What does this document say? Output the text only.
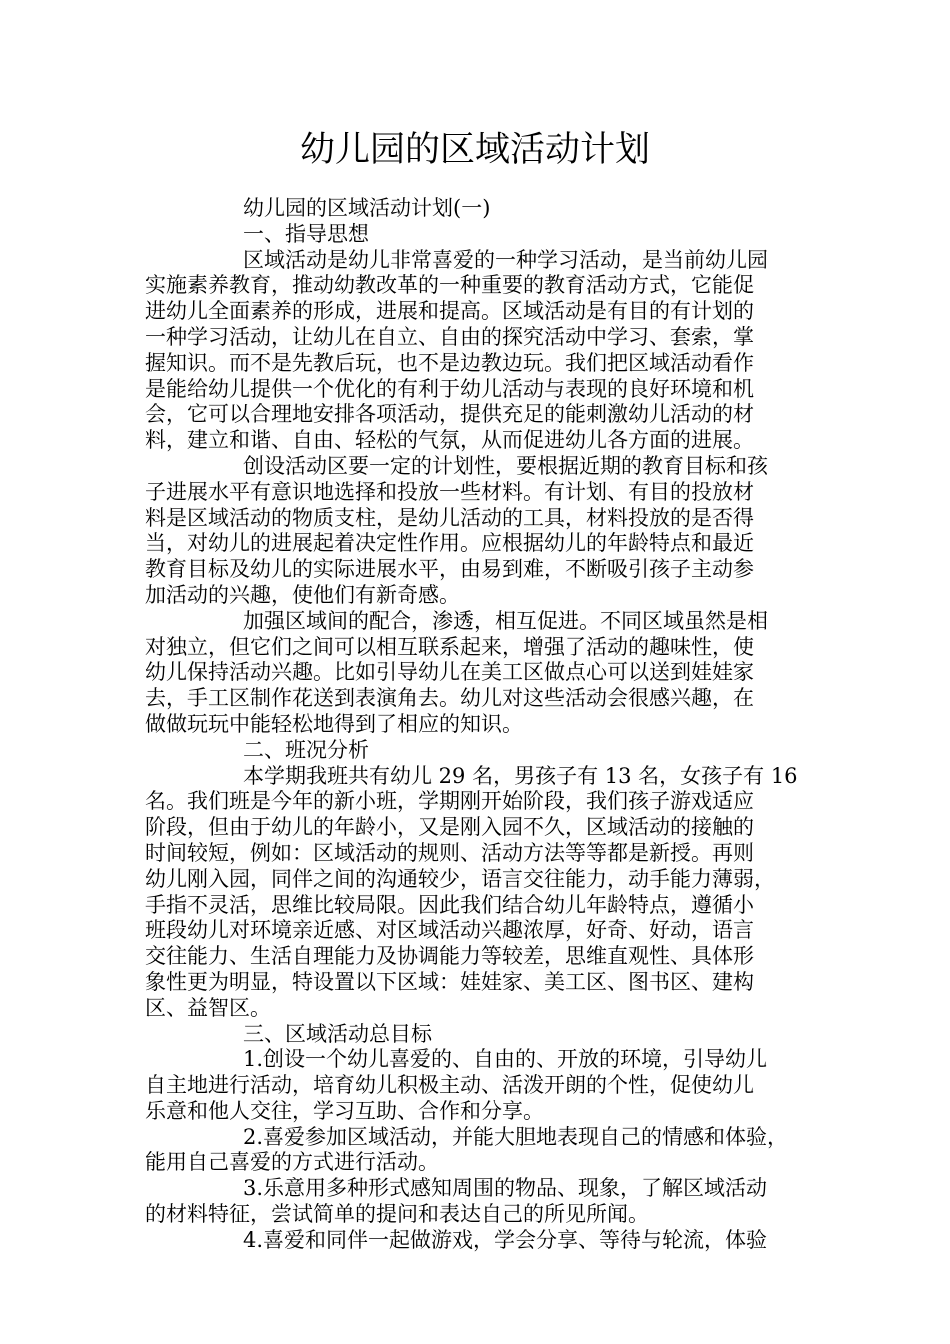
幼儿园的区域活动计划

幼儿园的区域活动计划(一)

一、指导思想

区域活动是幼儿非常喜爱的一种学习活动，是当前幼儿园

实施素养教育，推动幼教改革的一种重要的教育活动方式，它能促

进幼儿全面素养的形成，进展和提高。区域活动是有目的有计划的

一种学习活动，让幼儿在自立、自由的探究活动中学习、套索，掌

握知识。而不是先教后玩，也不是边教边玩。我们把区域活动看作

是能给幼儿提供一个优化的有利于幼儿活动与表现的良好环境和机

会，它可以合理地安排各项活动，提供充足的能刺激幼儿活动的材

料，建立和谐、自由、轻松的气氛，从而促进幼儿各方面的进展。

创设活动区要一定的计划性，要根据近期的教育目标和孩

子进展水平有意识地选择和投放一些材料。有计划、有目的投放材

料是区域活动的物质支柱，是幼儿活动的工具，材料投放的是否得

当，对幼儿的进展起着决定性作用。应根据幼儿的年龄特点和最近

教育目标及幼儿的实际进展水平，由易到难，不断吸引孩子主动参

加活动的兴趣，使他们有新奇感。

加强区域间的配合，渗透，相互促进。不同区域虽然是相

对独立，但它们之间可以相互联系起来，增强了活动的趣味性，使

幼儿保持活动兴趣。比如引导幼儿在美工区做点心可以送到娃娃家

去，手工区制作花送到表演角去。幼儿对这些活动会很感兴趣，在

做做玩玩中能轻松地得到了相应的知识。

二、班况分析

本学期我班共有幼儿 29 名，男孩子有 13 名，女孩子有 16

名。我们班是今年的新小班，学期刚开始阶段，我们孩子游戏适应

阶段，但由于幼儿的年龄小，又是刚入园不久，区域活动的接触的

时间较短，例如：区域活动的规则、活动方法等等都是新授。再则

幼儿刚入园，同伴之间的沟通较少，语言交往能力，动手能力薄弱，

手指不灵活，思维比较局限。因此我们结合幼儿年龄特点，遵循小

班段幼儿对环境亲近感、对区域活动兴趣浓厚，好奇、好动，语言

交往能力、生活自理能力及协调能力等较差，思维直观性、具体形

象性更为明显，特设置以下区域：娃娃家、美工区、图书区、建构

区、益智区。

三、区域活动总目标

1.创设一个幼儿喜爱的、自由的、开放的环境，引导幼儿

自主地进行活动，培育幼儿积极主动、活泼开朗的个性，促使幼儿

乐意和他人交往，学习互助、合作和分享。

2.喜爱参加区域活动，并能大胆地表现自己的情感和体验，

能用自己喜爱的方式进行活动。

3.乐意用多种形式感知周围的物品、现象，了解区域活动

的材料特征，尝试简单的提问和表达自己的所见所闻。

4.喜爱和同伴一起做游戏，学会分享、等待与轮流，体验
